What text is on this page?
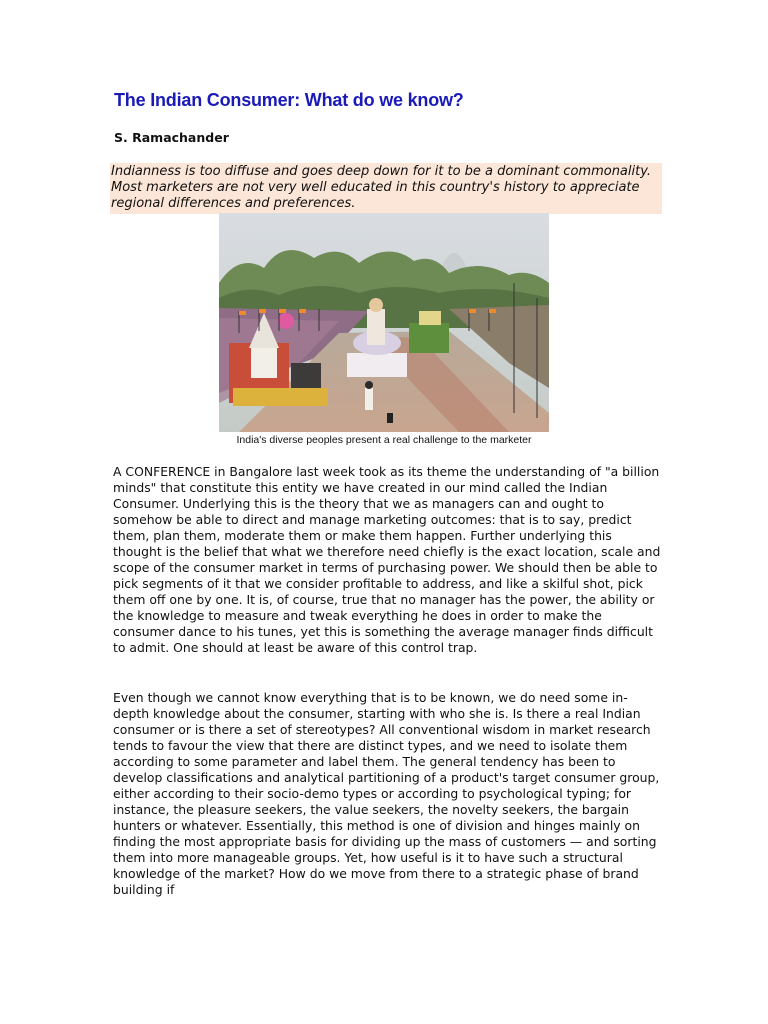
The Indian Consumer: What do we know?
S. Ramachander
Indianness is too diffuse and goes deep down for it to be a dominant commonality. Most marketers are not very well educated in this country's history to appreciate regional differences and preferences.
India's diverse peoples present a real challenge to the marketer

A CONFERENCE in Bangalore last week took as its theme the understanding of "a billion minds" that constitute this entity we have created in our mind called the Indian Consumer. Underlying this is the theory that we as managers can and ought to somehow be able to direct and manage marketing outcomes: that is to say, predict them, plan them, moderate them or make them happen. Further underlying this thought is the belief that what we therefore need chiefly is the exact location, scale and scope of the consumer market in terms of purchasing power. We should then be able to pick segments of it that we consider profitable to address, and like a skilful shot, pick them off one by one. It is, of course, true that no manager has the power, the ability or the knowledge to measure and tweak everything he does in order to make the consumer dance to his tunes, yet this is something the average manager finds difficult to admit. One should at least be aware of this control trap.

Even though we cannot know everything that is to be known, we do need some in-depth knowledge about the consumer, starting with who she is. Is there a real Indian consumer or is there a set of stereotypes? All conventional wisdom in market research tends to favour the view that there are distinct types, and we need to isolate them according to some parameter and label them. The general tendency has been to develop classifications and analytical partitioning of a product's target consumer group, either according to their socio-demo types or according to psychological typing; for instance, the pleasure seekers, the value seekers, the novelty seekers, the bargain hunters or whatever. Essentially, this method is one of division and hinges mainly on finding the most appropriate basis for dividing up the mass of customers — and sorting them into more manageable groups. Yet, how useful is it to have such a structural knowledge of the market? How do we move from there to a strategic phase of brand building if
